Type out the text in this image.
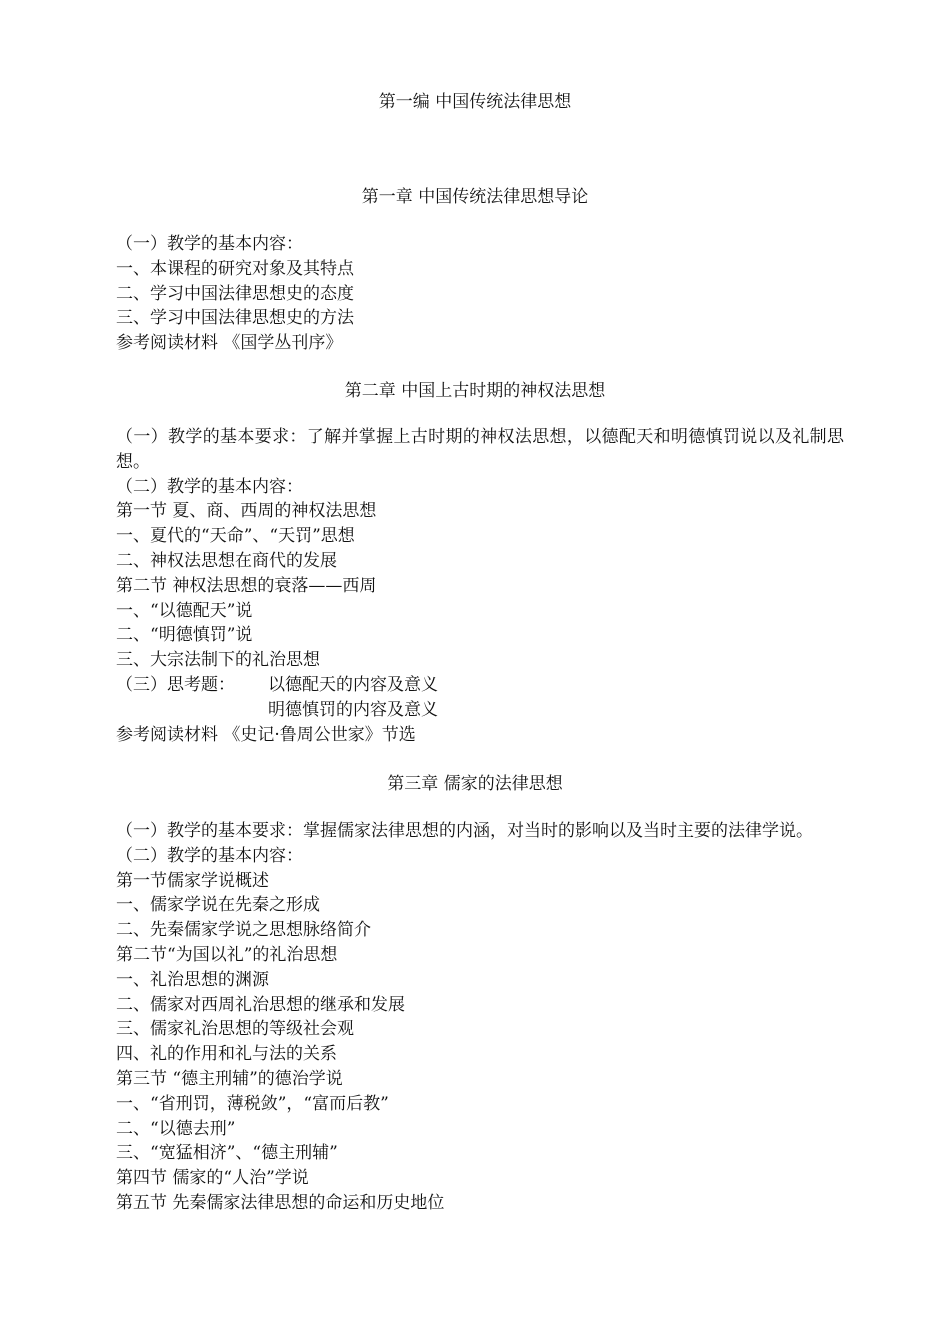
第一编 中国传统法律思想
第一章 中国传统法律思想导论
（一）教学的基本内容：
一、本课程的研究对象及其特点
二、学习中国法律思想史的态度
三、学习中国法律思想史的方法
参考阅读材料 《国学丛刊序》
第二章 中国上古时期的神权法思想
（一）教学的基本要求：了解并掌握上古时期的神权法思想，以德配天和明德慎罚说以及礼制思想。
（二）教学的基本内容：
第一节 夏、商、西周的神权法思想
一、夏代的“天命”、“天罚”思想
二、神权法思想在商代的发展
第二节 神权法思想的衰落——西周
一、“以德配天”说
二、“明德慎罚”说
三、大宗法制下的礼治思想
（三）思考题： 以德配天的内容及意义
明德慎罚的内容及意义
参考阅读材料 《史记·鲁周公世家》节选
第三章 儒家的法律思想
（一）教学的基本要求：掌握儒家法律思想的内涵，对当时的影响以及当时主要的法律学说。
（二）教学的基本内容：
第一节儒家学说概述
一、儒家学说在先秦之形成
二、先秦儒家学说之思想脉络简介
第二节“为国以礼”的礼治思想
一、礼治思想的渊源
二、儒家对西周礼治思想的继承和发展
三、儒家礼治思想的等级社会观
四、礼的作用和礼与法的关系
第三节 “德主刑辅”的德治学说
一、“省刑罚，薄税敛”，“富而后教”
二、“以德去刑”
三、“宽猛相济”、“德主刑辅”
第四节 儒家的“人治”学说
第五节 先秦儒家法律思想的命运和历史地位
